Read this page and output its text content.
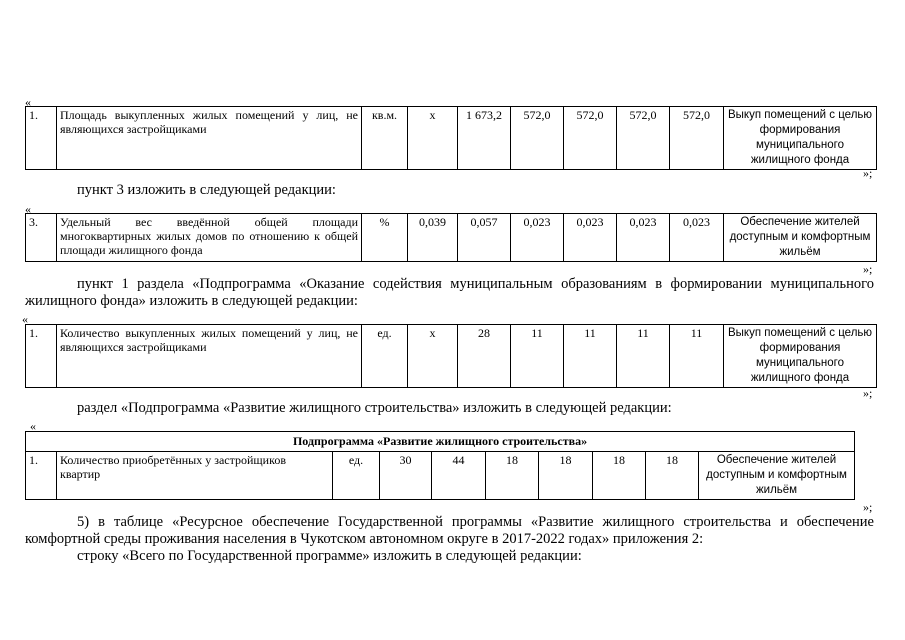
«
1.	Площадь выкупленных жилых помещений у лиц, не являющихся застройщиками	кв.м.	x	1 673,2	572,0	572,0	572,0	572,0	Выкуп помещений с целью формирования муниципального жилищного фонда
»;
пункт 3 изложить в следующей редакции:
«
3.	Удельный вес введённой общей площади многоквартирных жилых домов по отношению к общей площади жилищного фонда	%	0,039	0,057	0,023	0,023	0,023	0,023	Обеспечение жителей доступным и комфортным жильём
»;
пункт 1 раздела «Подпрограмма «Оказание содействия муниципальным образованиям в формировании муниципального
жилищного фонда» изложить в следующей редакции:
«
1.	Количество выкупленных жилых помещений у лиц, не являющихся застройщиками	ед.	x	28	11	11	11	11	Выкуп помещений с целью формирования муниципального жилищного фонда
»;
раздел «Подпрограмма «Развитие жилищного строительства» изложить в следующей редакции:
«
Подпрограмма «Развитие жилищного строительства»
1.	Количество приобретённых у застройщиков квартир	ед.	30	44	18	18	18	18	Обеспечение жителей доступным и комфортным жильём
»;
5) в таблице «Ресурсное обеспечение Государственной программы «Развитие жилищного строительства и обеспечение
комфортной среды проживания населения в Чукотском автономном округе в 2017-2022 годах» приложения 2:
строку «Всего по Государственной программе» изложить в следующей редакции:
